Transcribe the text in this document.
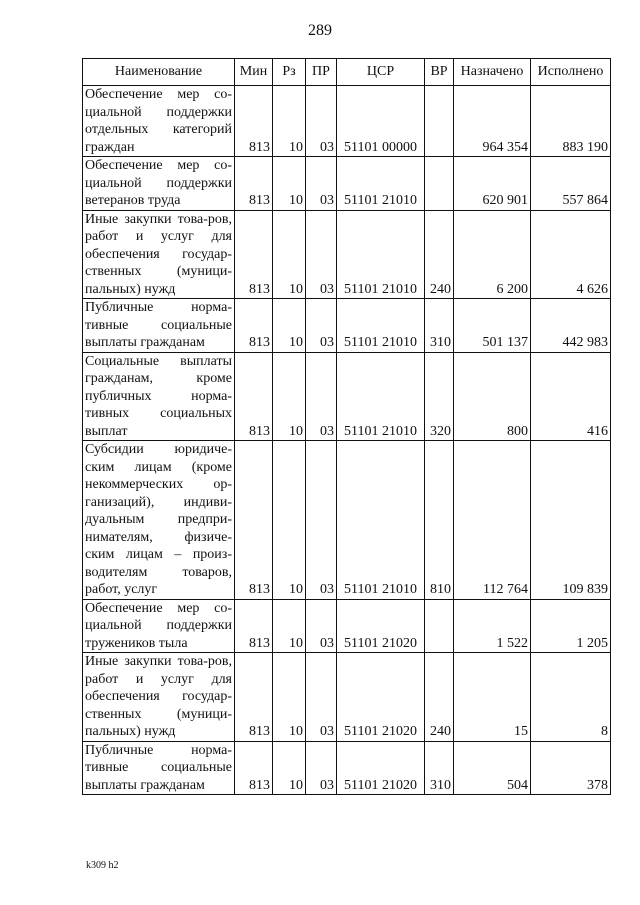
289
Наименование	Мин	Рз	ПР	ЦСР	ВР	Назначено	Исполнено
Обеспечение мер со-циальной поддержки отдельных категорий граждан	813	10	03	51101 00000		964 354	883 190
Обеспечение мер со-циальной поддержки ветеранов труда	813	10	03	51101 21010		620 901	557 864
Иные закупки това-ров, работ и услуг для обеспечения государ-ственных (муници-пальных) нужд	813	10	03	51101 21010	240	6 200	4 626
Публичные норма-тивные социальные выплаты гражданам	813	10	03	51101 21010	310	501 137	442 983
Социальные выплаты гражданам, кроме публичных норма-тивных социальных выплат	813	10	03	51101 21010	320	800	416
Субсидии юридиче-ским лицам (кроме некоммерческих ор-ганизаций), индиви-дуальным предпри-нимателям, физиче-ским лицам – произ-водителям товаров, работ, услуг	813	10	03	51101 21010	810	112 764	109 839
Обеспечение мер со-циальной поддержки тружеников тыла	813	10	03	51101 21020		1 522	1 205
Иные закупки това-ров, работ и услуг для обеспечения государ-ственных (муници-пальных) нужд	813	10	03	51101 21020	240	15	8
Публичные норма-тивные социальные выплаты гражданам	813	10	03	51101 21020	310	504	378
k309 h2
